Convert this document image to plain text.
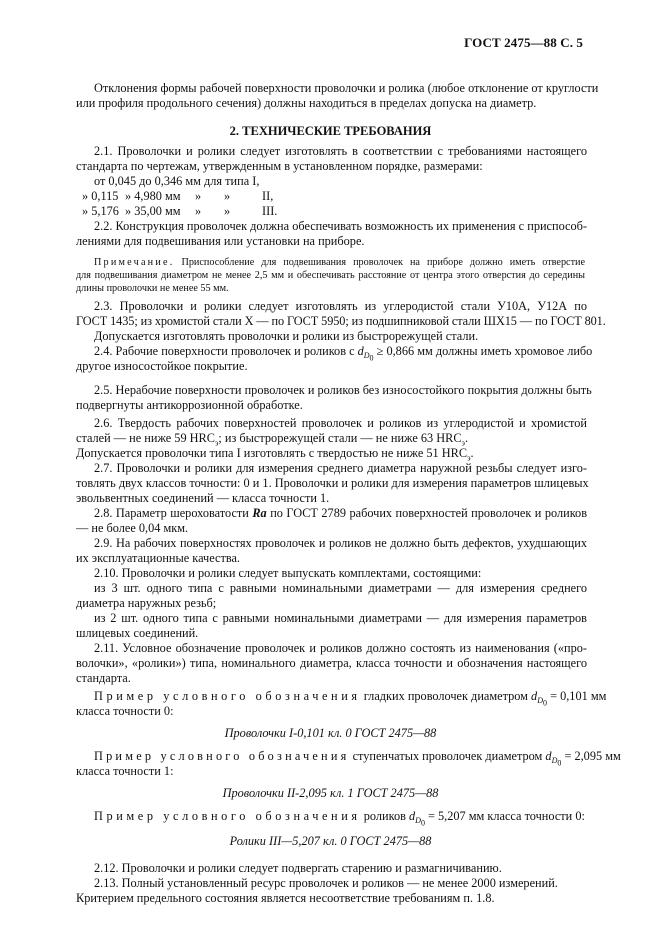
ГОСТ 2475—88 С. 5
Отклонения формы рабочей поверхности проволочки и ролика (любое отклонение от круглости
или профиля продольного сечения) должны находиться в пределах допуска на диаметр.
2. ТЕХНИЧЕСКИЕ ТРЕБОВАНИЯ
2.1. Проволочки и ролики следует изготовлять в соответствии с требованиями настоящего
стандарта по чертежам, утвержденным в установленном порядке, размерами:
от 0,045 до 0,346 мм для типа I,
» 0,115 » 4,980 мм » »	II,
» 5,176 » 35,00 мм » »	III.
2.2. Конструкция проволочек должна обеспечивать возможность их применения с приспособ-
лениями для подвешивания или установки на приборе.
Примечание. Приспособление для подвешивания проволочек на приборе должно иметь отверстие
для подвешивания диаметром не менее 2,5 мм и обеспечивать расстояние от центра этого отверстия до середины
длины проволочки не менее 55 мм.
2.3. Проволочки и ролики следует изготовлять из углеродистой стали У10А, У12А по
ГОСТ 1435; из хромистой стали Х — по ГОСТ 5950; из подшипниковой стали ШХ15 — по ГОСТ 801.
Допускается изготовлять проволочки и ролики из быстрорежущей стали.
2.4. Рабочие поверхности проволочек и роликов с $d_{D_0} \ge 0,866$ мм должны иметь хромовое либо
другое износостойкое покрытие.
2.5. Нерабочие поверхности проволочек и роликов без износостойкого покрытия должны быть
подвергнуты антикоррозионной обработке.
2.6. Твердость рабочих поверхностей проволочек и роликов из углеродистой и хромистой
сталей — не ниже 59 $HRC_э$; из быстрорежущей стали — не ниже 63 $HRC_э$.
Допускается проволочки типа I изготовлять с твердостью не ниже 51 $HRC_э$.
2.7. Проволочки и ролики для измерения среднего диаметра наружной резьбы следует изго-
товлять двух классов точности: 0 и 1. Проволочки и ролики для измерения параметров шлицевых
эвольвентных соединений — класса точности 1.
2.8. Параметр шероховатости Ra по ГОСТ 2789 рабочих поверхностей проволочек и роликов
— не более 0,04 мкм.
2.9. На рабочих поверхностях проволочек и роликов не должно быть дефектов, ухудшающих
их эксплуатационные качества.
2.10. Проволочки и ролики следует выпускать комплектами, состоящими:
из 3 шт. одного типа с равными номинальными диаметрами — для измерения среднего
диаметра наружных резьб;
из 2 шт. одного типа с равными номинальными диаметрами — для измерения параметров
шлицевых соединений.
2.11. Условное обозначение проволочек и роликов должно состоять из наименования («про-
волочки», «ролики») типа, номинального диаметра, класса точности и обозначения настоящего
стандарта.
Пример условного обозначения гладких проволочек диаметром $d_{D_0} = 0,101$ мм
класса точности 0:
Проволочки I-0,101 кл. 0 ГОСТ 2475—88
Пример условного обозначения ступенчатых проволочек диаметром $d_{D_0} = 2,095$ мм
класса точности 1:
Проволочки II-2,095 кл. 1 ГОСТ 2475—88
Пример условного обозначения роликов $d_{D_0} = 5,207$ мм класса точности 0:
Ролики III—5,207 кл. 0 ГОСТ 2475—88
2.12. Проволочки и ролики следует подвергать старению и размагничиванию.
2.13. Полный установленный ресурс проволочек и роликов — не менее 2000 измерений.
Критерием предельного состояния является несоответствие требованиям п. 1.8.
